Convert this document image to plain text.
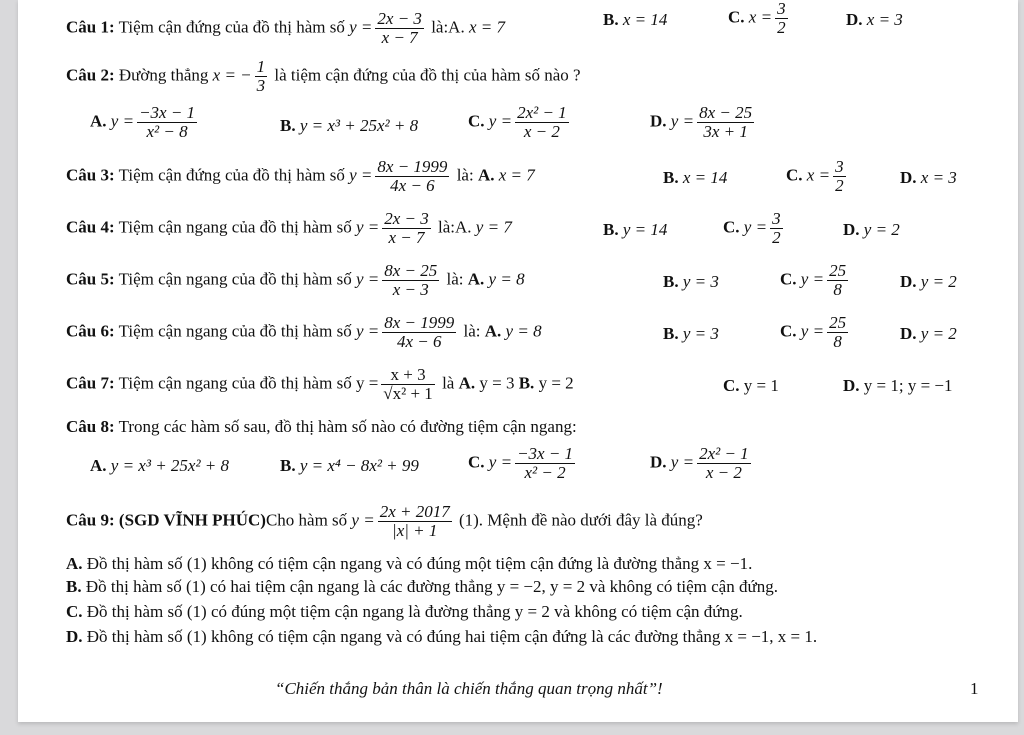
Câu 1: Tiệm cận đứng của đồ thị hàm số $y = \frac{2x - 3}{x - 7}$ là:A. x = 7	B. x = 14	C. $x = \frac{3}{2}$	D. x = 3
Câu 2: Đường thẳng x = − $\frac{1}{3}$ là tiệm cận đứng của đồ thị của hàm số nào ?
A. $y = \frac{-3x - 1}{\text{x² − 8}}$	B. y = x³ + 25x² + 8	C. $y = \frac{\text{2x² − 1}}{x - 2}$	D. $y = \frac{8x - 25}{3x + 1}$
Câu 3: Tiệm cận đứng của đồ thị hàm số $y = \frac{8x - 1999}{4x - 6}$ là: A. x = 7	B. x = 14	C. $x = \frac{3}{2}$	D. x = 3
Câu 4: Tiệm cận ngang của đồ thị hàm số $y = \frac{2x - 3}{x - 7}$ là:A. y = 7	B. y = 14	C. $y = \frac{3}{2}$	D. y = 2
Câu 5: Tiệm cận ngang của đồ thị hàm số $y = \frac{8x - 25}{x - 3}$ là: A. y = 8	B. y = 3	C. $y = \frac{25}{8}$	D. y = 2
Câu 6: Tiệm cận ngang của đồ thị hàm số $y = \frac{8x - 1999}{4x - 6}$ là: A. y = 8	B. y = 3	C. $y = \frac{25}{8}$	D. y = 2
Câu 7: Tiệm cận ngang của đồ thị hàm số $y = \frac{x + 3}{\text{√x² + 1}}$ là A. y = 3 B. y = 2	C. y = 1	D. y = 1; y = −1
Câu 8: Trong các hàm số sau, đồ thị hàm số nào có đường tiệm cận ngang:
A. y = x³ + 25x² + 8	B. y = x⁴ − 8x² + 99	C. $y = \frac{-3x - 1}{\text{x² − 2}}$	D. $y = \frac{\text{2x² − 1}}{x - 2}$
Câu 9: (SGD VĨNH PHÚC)Cho hàm số $y = \frac{2x + 2017}{|x| + 1} (1)$. Mệnh đề nào dưới đây là đúng?
A. Đồ thị hàm số (1) không có tiệm cận ngang và có đúng một tiệm cận đứng là đường thẳng x = −1.
B. Đồ thị hàm số (1) có hai tiệm cận ngang là các đường thẳng y = −2, y = 2 và không có tiệm cận đứng.
C. Đồ thị hàm số (1) có đúng một tiệm cận ngang là đường thẳng y = 2 và không có tiệm cận đứng.
D. Đồ thị hàm số (1) không có tiệm cận ngang và có đúng hai tiệm cận đứng là các đường thẳng x = −1, x = 1.
“Chiến thắng bản thân là chiến thắng quan trọng nhất”!	1
